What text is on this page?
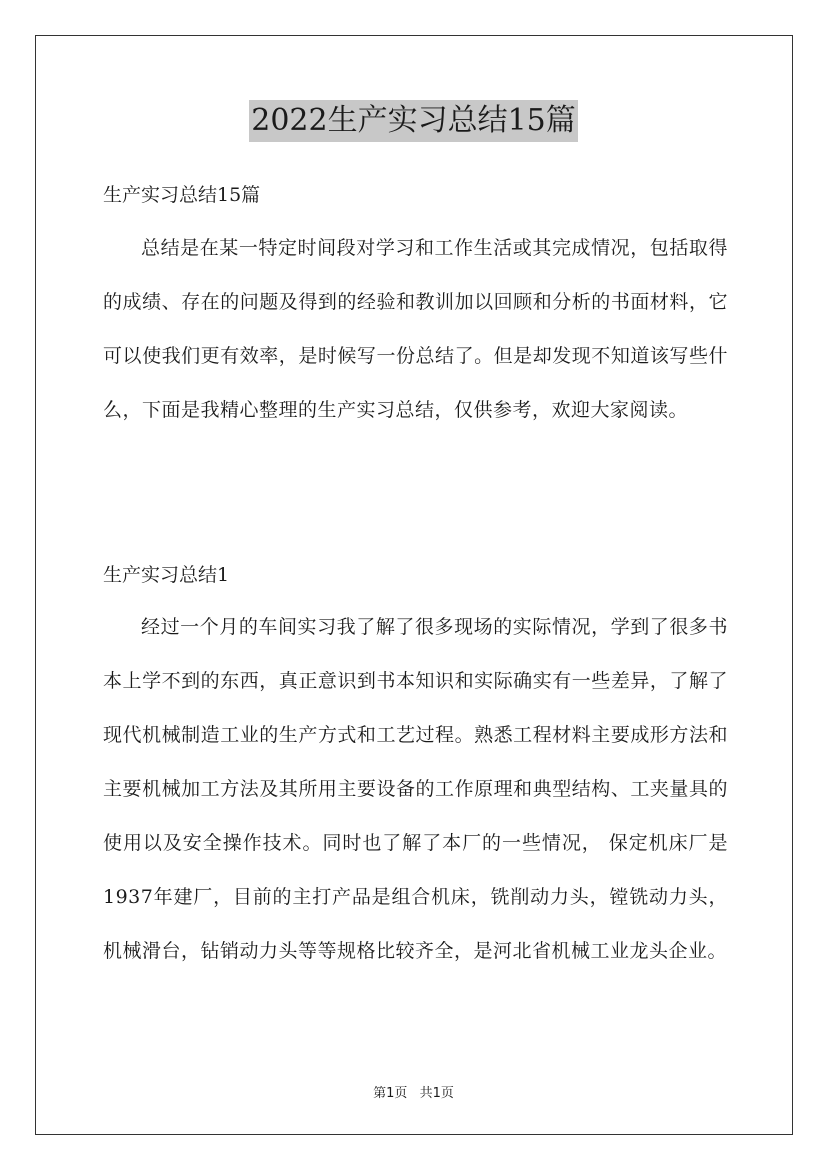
2022生产实习总结15篇
生产实习总结15篇

总结是在某一特定时间段对学习和工作生活或其完成情况，包括取得的成绩、存在的问题及得到的经验和教训加以回顾和分析的书面材料，它可以使我们更有效率，是时候写一份总结了。但是却发现不知道该写些什么，下面是我精心整理的生产实习总结，仅供参考，欢迎大家阅读。

生产实习总结1

经过一个月的车间实习我了解了很多现场的实际情况，学到了很多书本上学不到的东西，真正意识到书本知识和实际确实有一些差异，了解了现代机械制造工业的生产方式和工艺过程。熟悉工程材料主要成形方法和主要机械加工方法及其所用主要设备的工作原理和典型结构、工夹量具的使用以及安全操作技术。同时也了解了本厂的一些情况， 保定机床厂是1937年建厂，目前的主打产品是组合机床，铣削动力头，镗铣动力头，机械滑台，钻销动力头等等规格比较齐全，是河北省机械工业龙头企业。

第1页 共1页
